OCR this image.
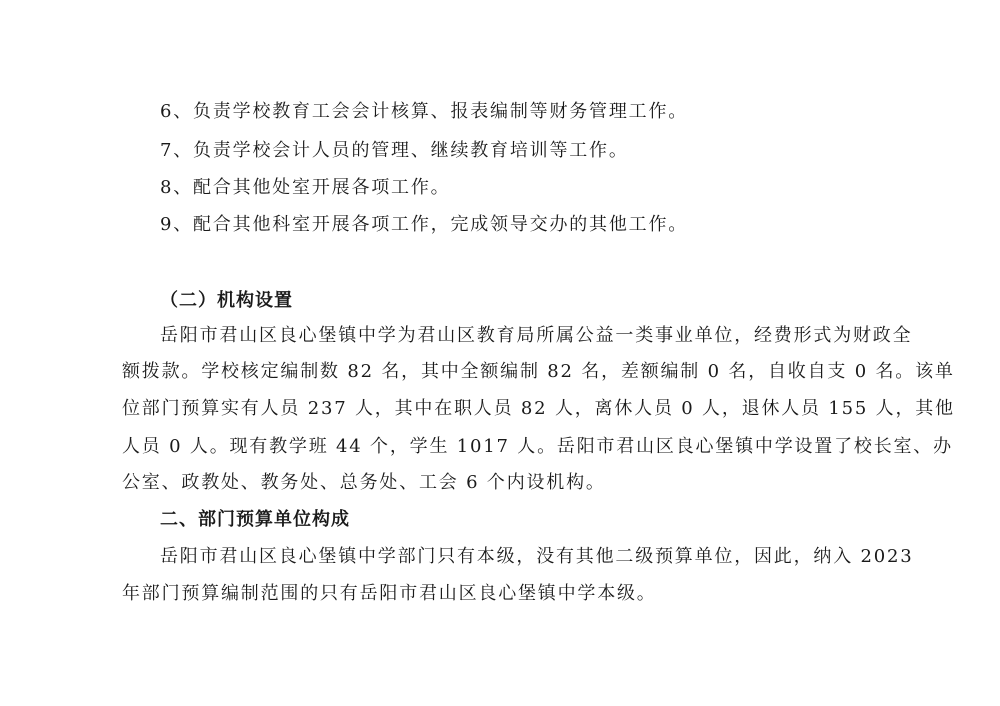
6、负责学校教育工会会计核算、报表编制等财务管理工作。
7、负责学校会计人员的管理、继续教育培训等工作。
8、配合其他处室开展各项工作。
9、配合其他科室开展各项工作，完成领导交办的其他工作。
（二）机构设置
岳阳市君山区良心堡镇中学为君山区教育局所属公益一类事业单位，经费形式为财政全
额拨款。学校核定编制数 82 名，其中全额编制 82 名，差额编制 0 名，自收自支 0 名。该单
位部门预算实有人员 237 人，其中在职人员 82 人，离休人员 0 人，退休人员 155 人，其他
人员 0 人。现有教学班 44 个，学生 1017 人。岳阳市君山区良心堡镇中学设置了校长室、办
公室、政教处、教务处、总务处、工会 6 个内设机构。
二、部门预算单位构成
岳阳市君山区良心堡镇中学部门只有本级，没有其他二级预算单位，因此，纳入 2023
年部门预算编制范围的只有岳阳市君山区良心堡镇中学本级。
